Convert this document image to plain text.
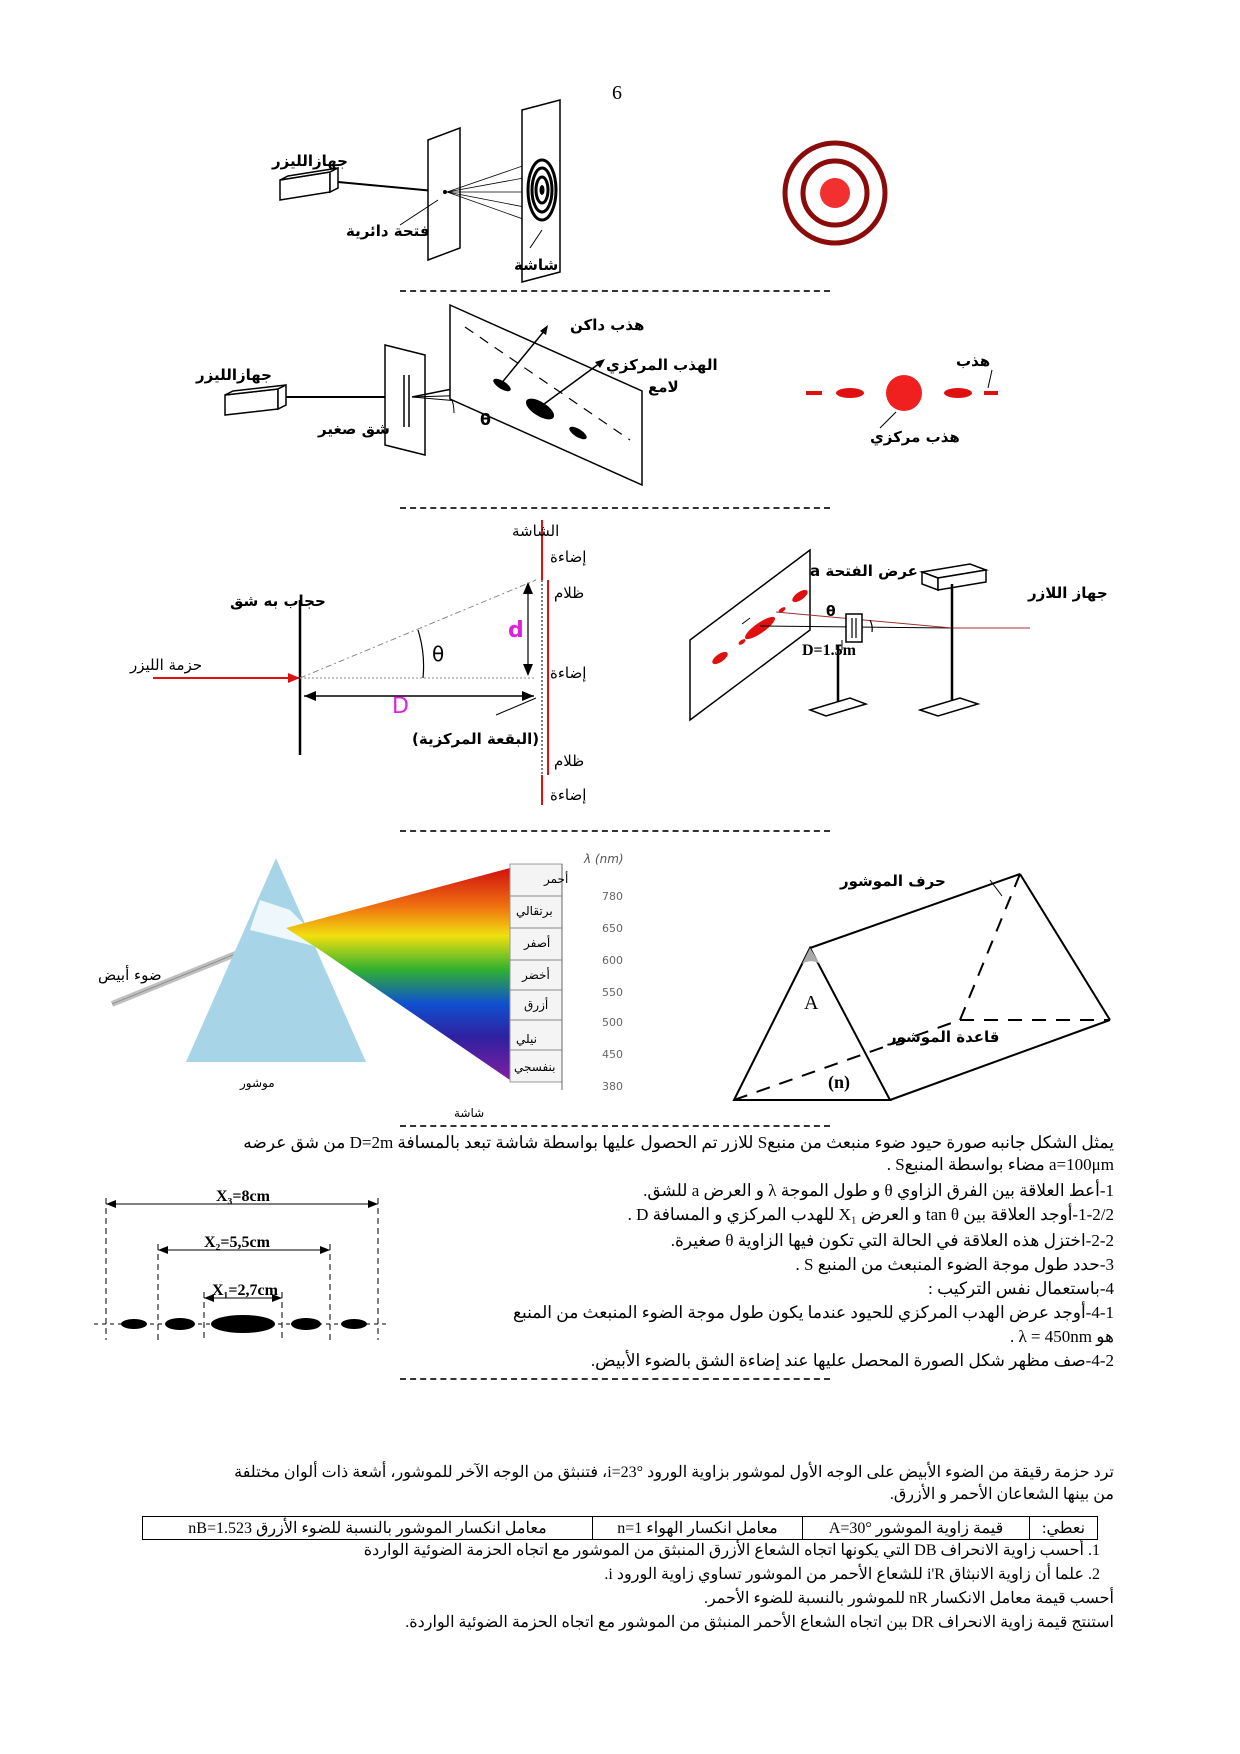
6
جهازالليزر
فتحة دائرية
شاشة
جهازالليزر
هذب داكن
الهذب المركزي
لامع
شق صغير	θ
هذب
هذب مركزي
الشاشة
إضاءة
ظلام
إضاءة
ظلام
إضاءة
حجاب به شق
حزمة الليزر	θ
d
D
(البقعة المركزية)
عرض الفتحة a
جهاز اللازر
D=1.5m
θ
λ (nm)
أحمر
برتقالي
أصفر
أخضر
أزرق
نيلي
بنفسجي
780
650
600
550
500
450
380
ضوء أبيض
موشور
شاشة
حرف الموشور
قاعدة الموشور
A
(n)
يمثل الشكل جانبه صورة حيود ضوء منبعث من منبعS للازر تم الحصول عليها بواسطة شاشة تبعد بالمسافة D=2m من شق عرضه
a=100μm مضاء بواسطة المنبعS .
X₃=8cm
X₂=5,5cm
X₁=2,7cm
1-أعط العلاقة بين الفرق الزاوي θ و طول الموجة λ و العرض a للشق.
1-2/2-أوجد العلاقة بين tan θ و العرض X₁ للهدب المركزي و المسافة D .
2-2-اختزل هذه العلاقة في الحالة التي تكون فيها الزاوية θ صغيرة.
3-حدد طول موجة الضوء المنبعث من المنبع S .
4-باستعمال نفس التركيب :
4-1-أوجد عرض الهدب المركزي للحيود عندما يكون طول موجة الضوء المنبعث من المنبع
هو λ = 450nm .
4-2-صف مظهر شكل الصورة المحصل عليها عند إضاءة الشق بالضوء الأبيض.
ترد حزمة رقيقة من الضوء الأبيض على الوجه الأول لموشور بزاوية الورود i=23°، فتنبثق من الوجه الآخر للموشور، أشعة ذات ألوان مختلفة
من بينها الشعاعان الأحمر و الأزرق.
نعطي:	قيمة زاوية الموشور A=30°	معامل انكسار الهواء n=1	معامل انكسار الموشور بالنسبة للضوء الأزرق nB=1.523
1. أحسب زاوية الانحراف DB التي يكونها اتجاه الشعاع الأزرق المنبثق من الموشور مع اتجاه الحزمة الضوئية الواردة
2. علما أن زاوية الانبثاق i'R للشعاع الأحمر من الموشور تساوي زاوية الورود i.
أحسب قيمة معامل الانكسار nR للموشور بالنسبة للضوء الأحمر.
استنتج قيمة زاوية الانحراف DR بين اتجاه الشعاع الأحمر المنبثق من الموشور مع اتجاه الحزمة الضوئية الواردة.
